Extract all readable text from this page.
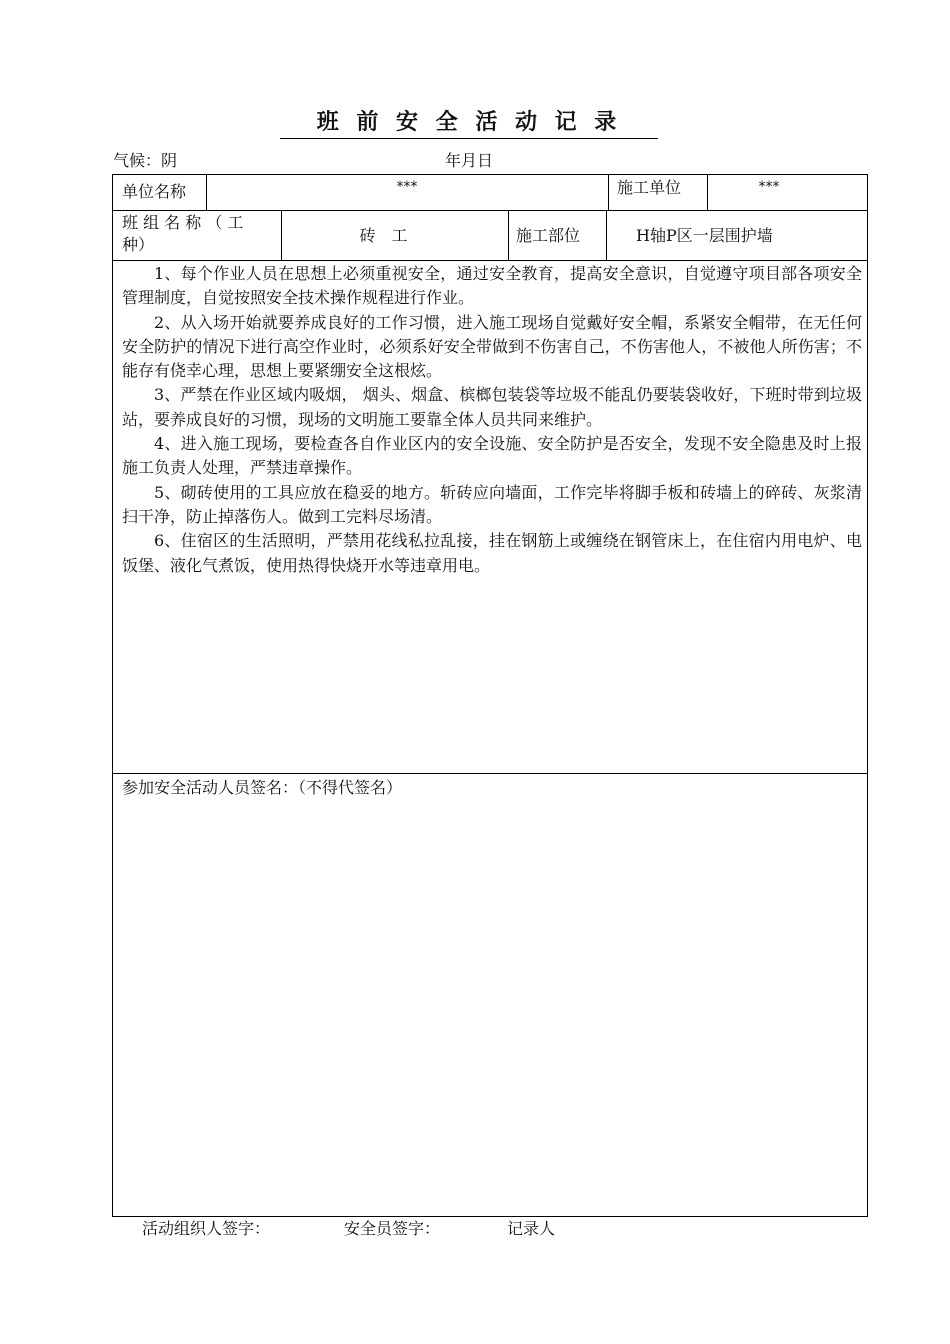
班 前 安 全 活 动 记 录
气候：阴	年月日
单位名称	***	施工单位	***
班 组 名 称 （ 工
种）	砖　工	施工部位	H轴P区一层围护墙

1、每个作业人员在思想上必须重视安全，通过安全教育，提高安全意识，自觉遵守项目部各项安全管理制度，自觉按照安全技术操作规程进行作业。

2、从入场开始就要养成良好的工作习惯，进入施工现场自觉戴好安全帽，系紧安全帽带，在无任何安全防护的情况下进行高空作业时，必须系好安全带做到不伤害自己，不伤害他人，不被他人所伤害；不能存有侥幸心理，思想上要紧绷安全这根炫。

3、严禁在作业区域内吸烟， 烟头、烟盒、槟榔包装袋等垃圾不能乱仍要装袋收好，下班时带到垃圾站，要养成良好的习惯，现场的文明施工要靠全体人员共同来维护。

4、进入施工现场，要检查各自作业区内的安全设施、安全防护是否安全，发现不安全隐患及时上报施工负责人处理，严禁违章操作。

5、砌砖使用的工具应放在稳妥的地方。斩砖应向墙面，工作完毕将脚手板和砖墙上的碎砖、灰浆清扫干净，防止掉落伤人。做到工完料尽场清。

6、住宿区的生活照明，严禁用花线私拉乱接，挂在钢筋上或缠绕在钢管床上，在住宿内用电炉、电饭堡、液化气煮饭，使用热得快烧开水等违章用电。

参加安全活动人员签名：（不得代签名）
活动组织人签字：	安全员签字：	记录人
